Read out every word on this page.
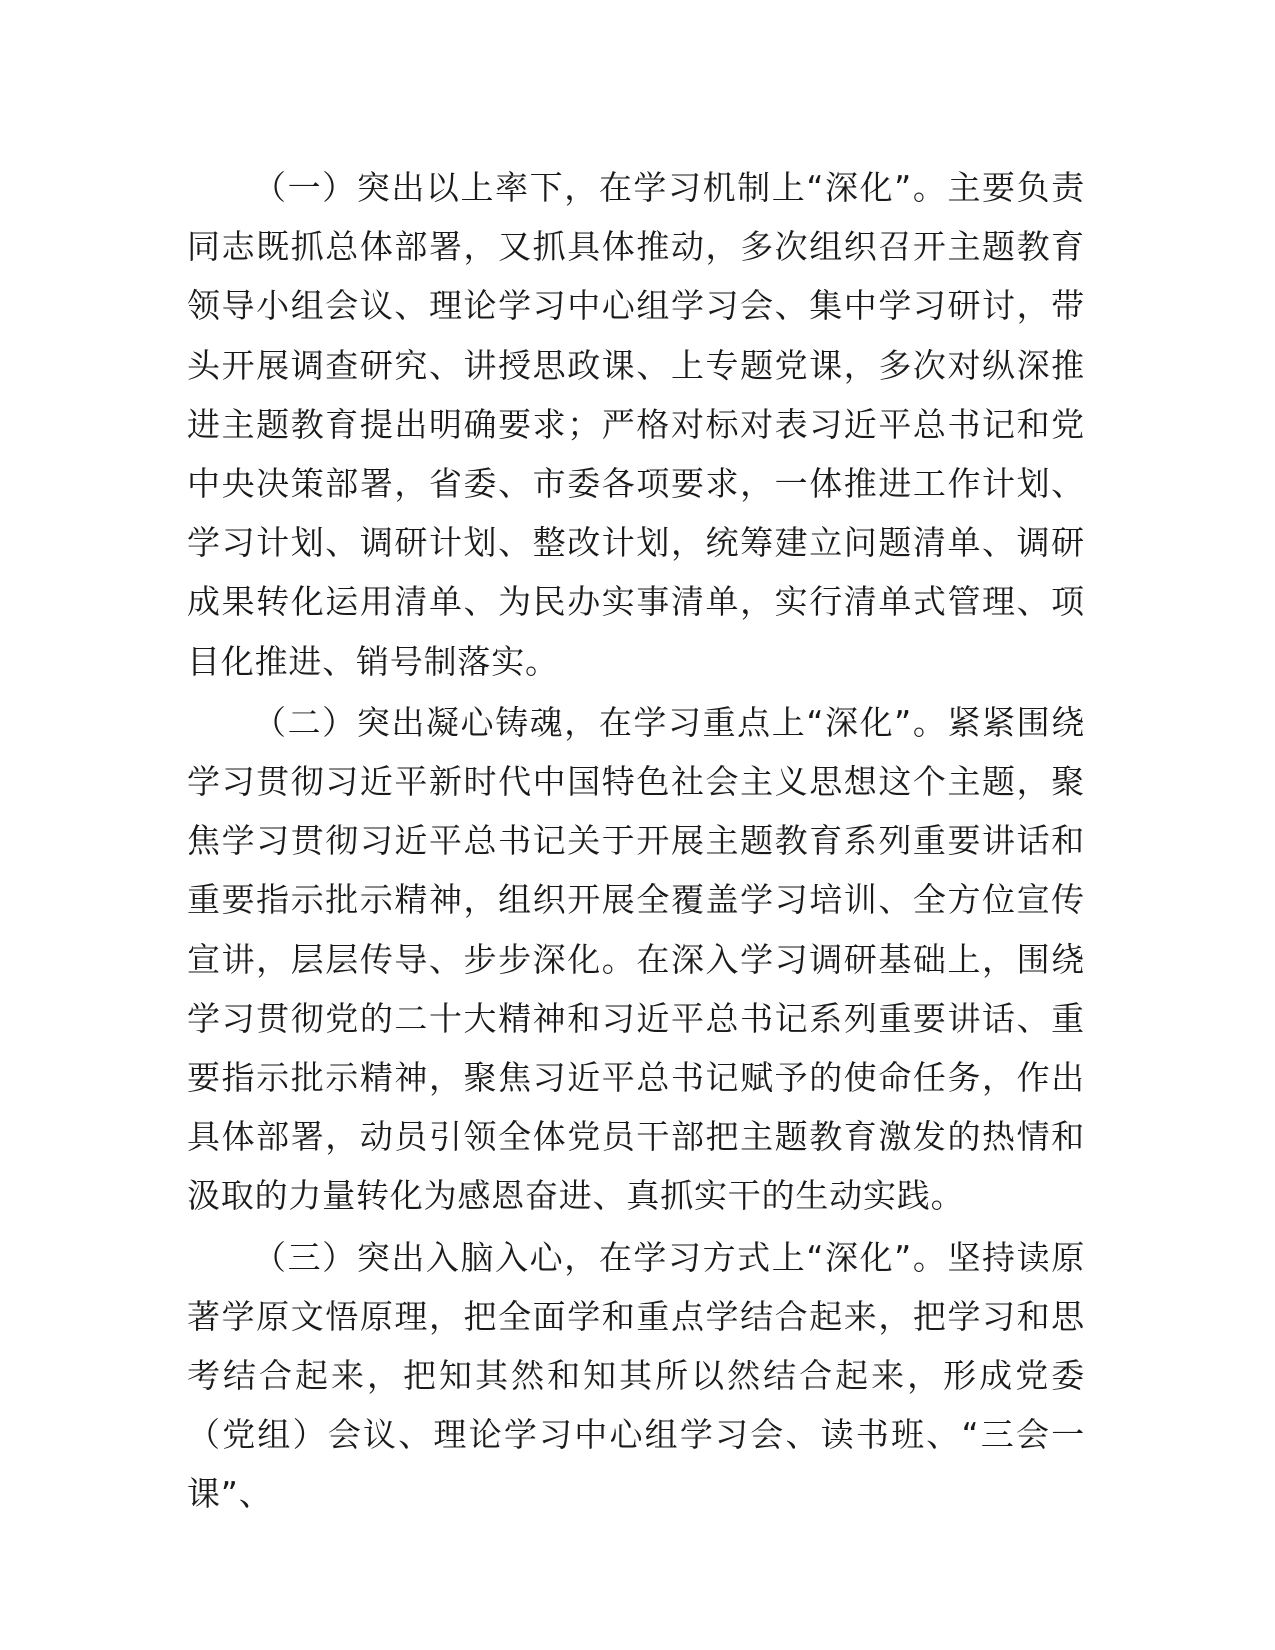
（一）突出以上率下，在学习机制上“深化”。主要负责同志既抓总体部署，又抓具体推动，多次组织召开主题教育领导小组会议、理论学习中心组学习会、集中学习研讨，带头开展调查研究、讲授思政课、上专题党课，多次对纵深推进主题教育提出明确要求；严格对标对表习近平总书记和党中央决策部署，省委、市委各项要求，一体推进工作计划、学习计划、调研计划、整改计划，统筹建立问题清单、调研成果转化运用清单、为民办实事清单，实行清单式管理、项目化推进、销号制落实。

（二）突出凝心铸魂，在学习重点上“深化”。紧紧围绕学习贯彻习近平新时代中国特色社会主义思想这个主题，聚焦学习贯彻习近平总书记关于开展主题教育系列重要讲话和重要指示批示精神，组织开展全覆盖学习培训、全方位宣传宣讲，层层传导、步步深化。在深入学习调研基础上，围绕学习贯彻党的二十大精神和习近平总书记系列重要讲话、重要指示批示精神，聚焦习近平总书记赋予的使命任务，作出具体部署，动员引领全体党员干部把主题教育激发的热情和汲取的力量转化为感恩奋进、真抓实干的生动实践。

（三）突出入脑入心，在学习方式上“深化”。坚持读原著学原文悟原理，把全面学和重点学结合起来，把学习和思考结合起来，把知其然和知其所以然结合起来，形成党委（党组）会议、理论学习中心组学习会、读书班、“三会一课”、
